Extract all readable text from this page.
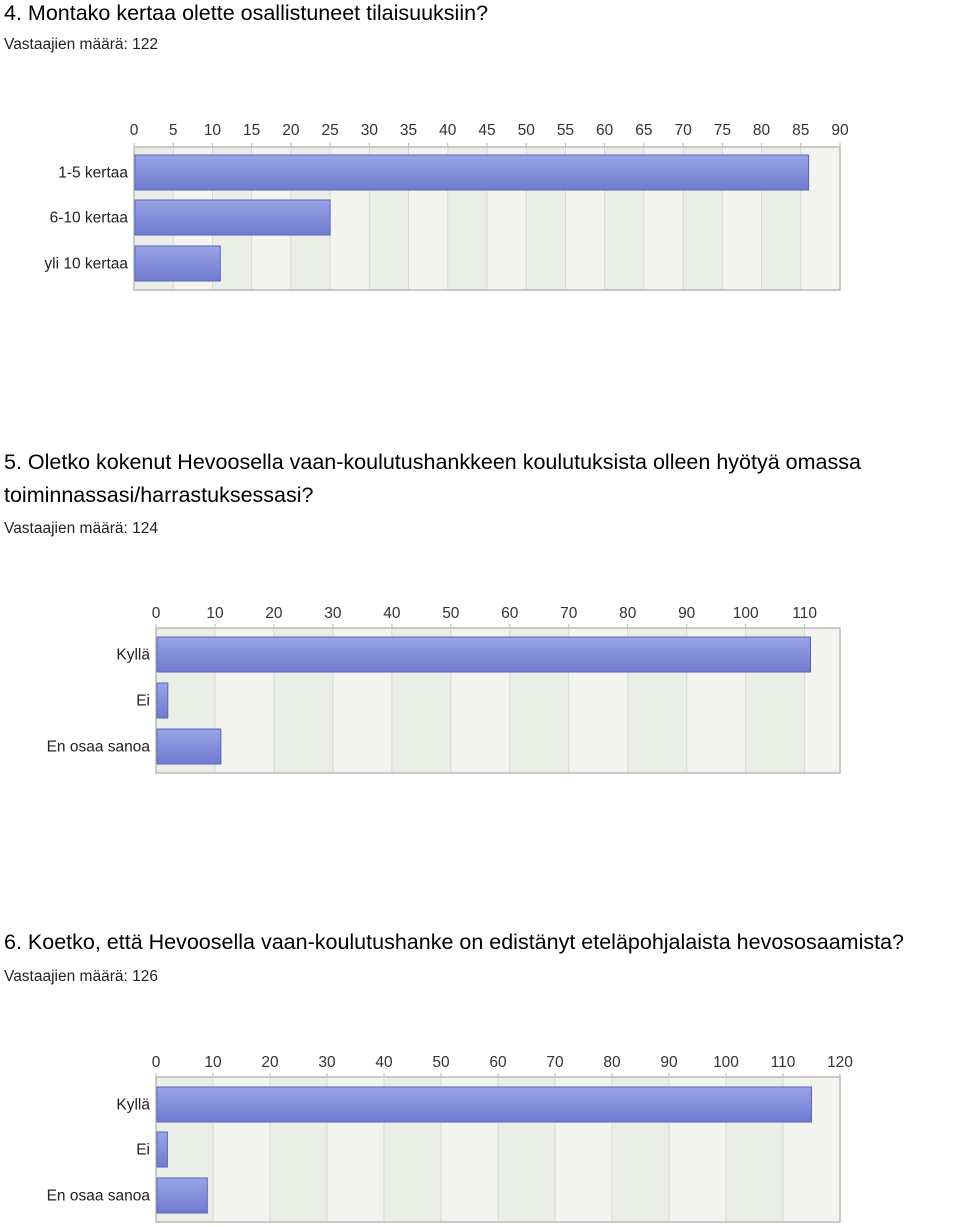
4. Montako kertaa olette osallistuneet tilaisuuksiin?
Vastaajien määrä: 122
0 5 10 15 20 25 30 35 40 45 50 55 60 65 70 75 80 85 90
1-5 kertaa
6-10 kertaa
yli 10 kertaa
5. Oletko kokenut Hevoosella vaan-koulutushankkeen koulutuksista olleen hyötyä omassa
toiminnassasi/harrastuksessasi?
Vastaajien määrä: 124
0	10	20	30	40	50	60	70	80	90 100 110
Kyllä
Ei
En osaa sanoa
6. Koetko, että Hevoosella vaan-koulutushanke on edistänyt eteläpohjalaista hevososaamista?
Vastaajien määrä: 126
0	10	20	30	40	50	60	70	80	90 100 110 120
Kyllä
Ei
En osaa sanoa
